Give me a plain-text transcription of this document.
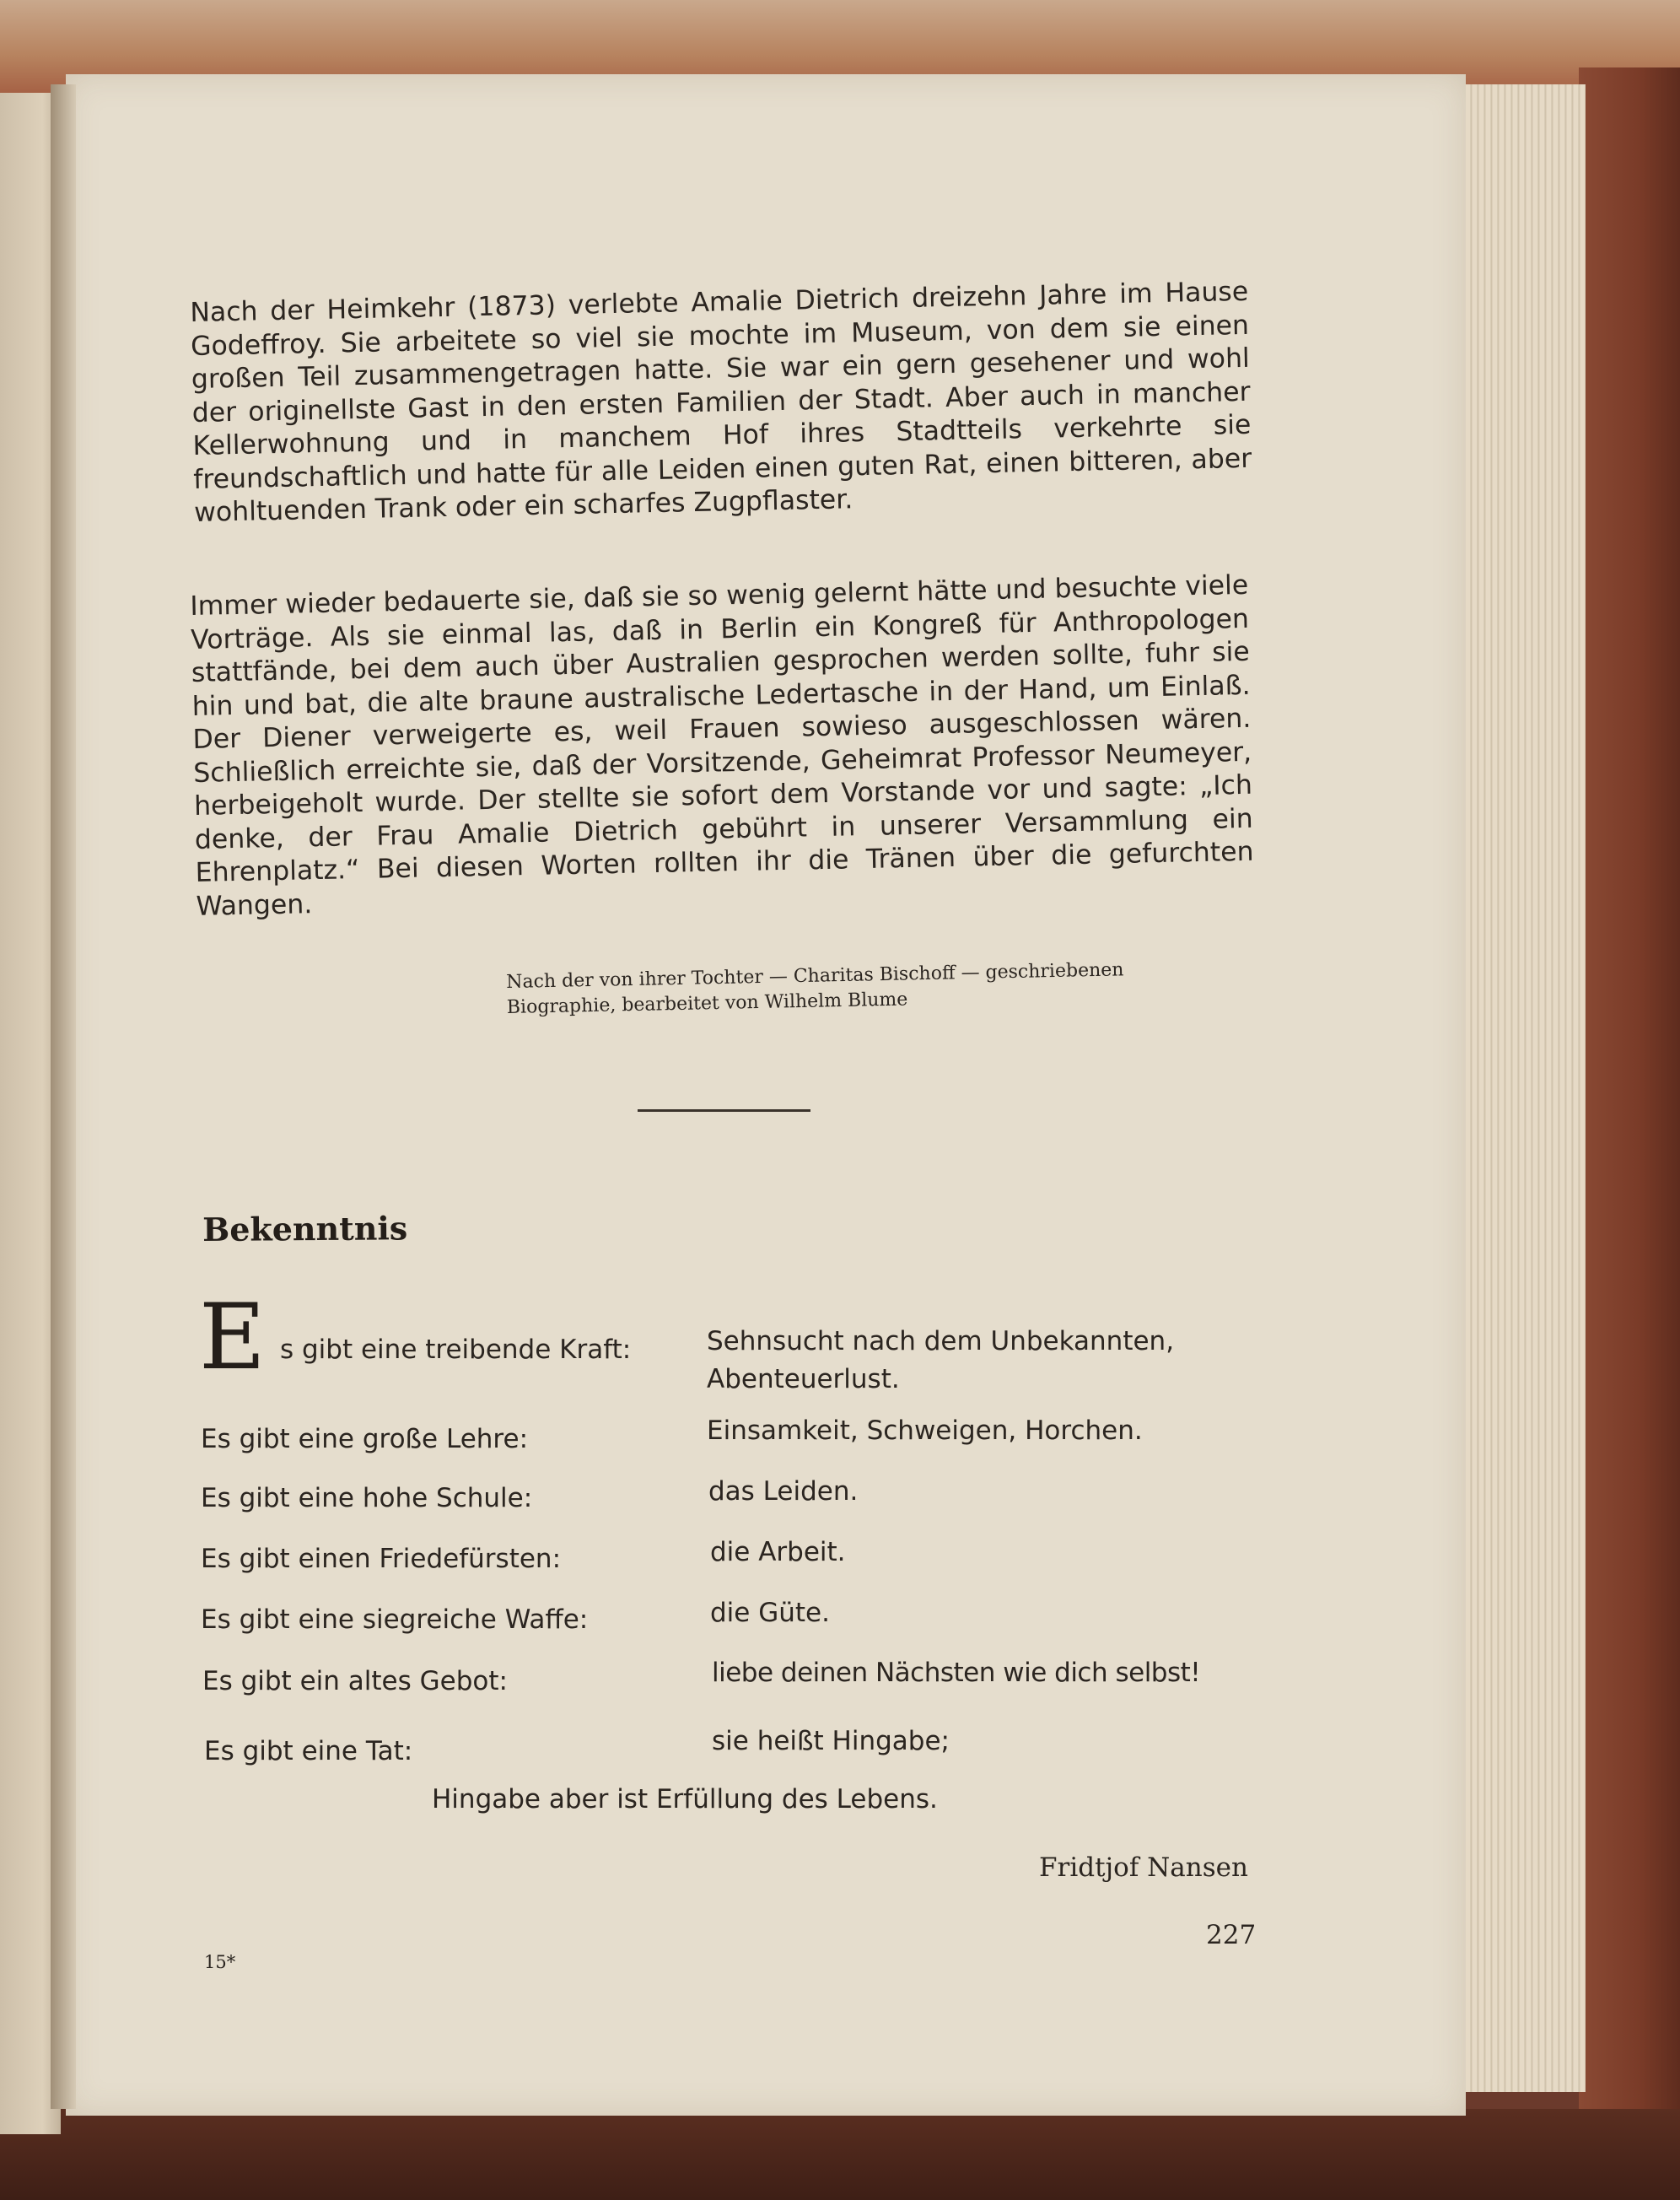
Nach der Heimkehr (1873) verlebte Amalie Dietrich dreizehn Jahre im Hause Godeffroy. Sie arbeitete so viel sie mochte im Museum, von dem sie einen großen Teil zusammengetragen hatte. Sie war ein gern gesehener und wohl der originellste Gast in den ersten Familien der Stadt. Aber auch in mancher Kellerwohnung und in manchem Hof ihres Stadtteils verkehrte sie freundschaftlich und hatte für alle Leiden einen guten Rat, einen bitteren, aber wohltuenden Trank oder ein scharfes Zugpflaster.

Immer wieder bedauerte sie, daß sie so wenig gelernt hätte und besuchte viele Vorträge. Als sie einmal las, daß in Berlin ein Kongreß für Anthropologen stattfände, bei dem auch über Australien gesprochen werden sollte, fuhr sie hin und bat, die alte braune australische Ledertasche in der Hand, um Einlaß. Der Diener verweigerte es, weil Frauen sowieso ausgeschlossen wären. Schließlich erreichte sie, daß der Vorsitzende, Geheimrat Professor Neumeyer, herbeigeholt wurde. Der stellte sie sofort dem Vorstande vor und sagte: „Ich denke, der Frau Amalie Dietrich gebührt in unserer Versammlung ein Ehrenplatz.“ Bei diesen Worten rollten ihr die Tränen über die gefurchten Wangen.

Nach der von ihrer Tochter — Charitas Bischoff — geschriebenen
Biographie, bearbeitet von Wilhelm Blume
Bekenntnis
E s gibt eine treibende Kraft:	Sehnsucht nach dem Unbekannten,
Abenteuerlust.
Es gibt eine große Lehre:	Einsamkeit, Schweigen, Horchen.
Es gibt eine hohe Schule:	das Leiden.
Es gibt einen Friedefürsten:	die Arbeit.
Es gibt eine siegreiche Waffe:	die Güte.
Es gibt ein altes Gebot:	liebe deinen Nächsten wie dich selbst!
Es gibt eine Tat:	sie heißt Hingabe;
Hingabe aber ist Erfüllung des Lebens.
Fridtjof Nansen
227
15*
